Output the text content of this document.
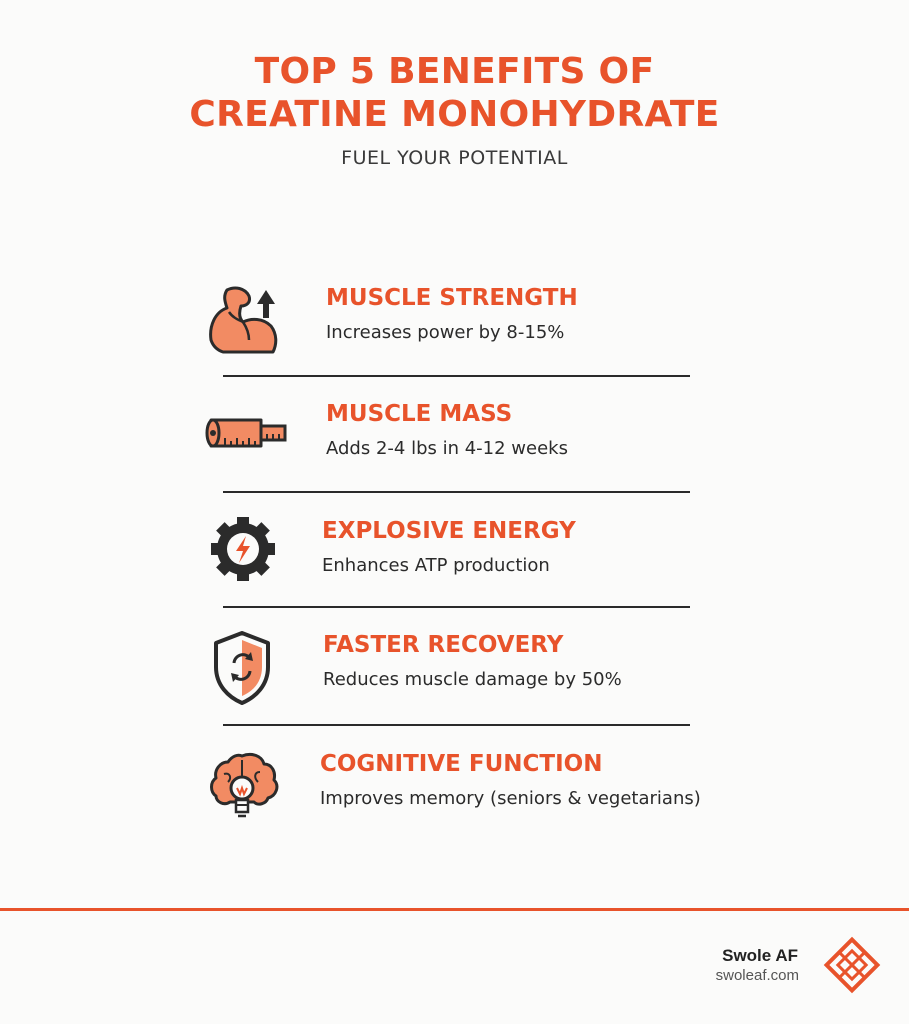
TOP 5 BENEFITS OF
CREATINE MONOHYDRATE
FUEL YOUR POTENTIAL
MUSCLE STRENGTH
Increases power by 8-15%
MUSCLE MASS
Adds 2-4 lbs in 4-12 weeks
EXPLOSIVE ENERGY
Enhances ATP production
FASTER RECOVERY
Reduces muscle damage by 50%
COGNITIVE FUNCTION
Improves memory (seniors & vegetarians)
Swole AF
swoleaf.com
